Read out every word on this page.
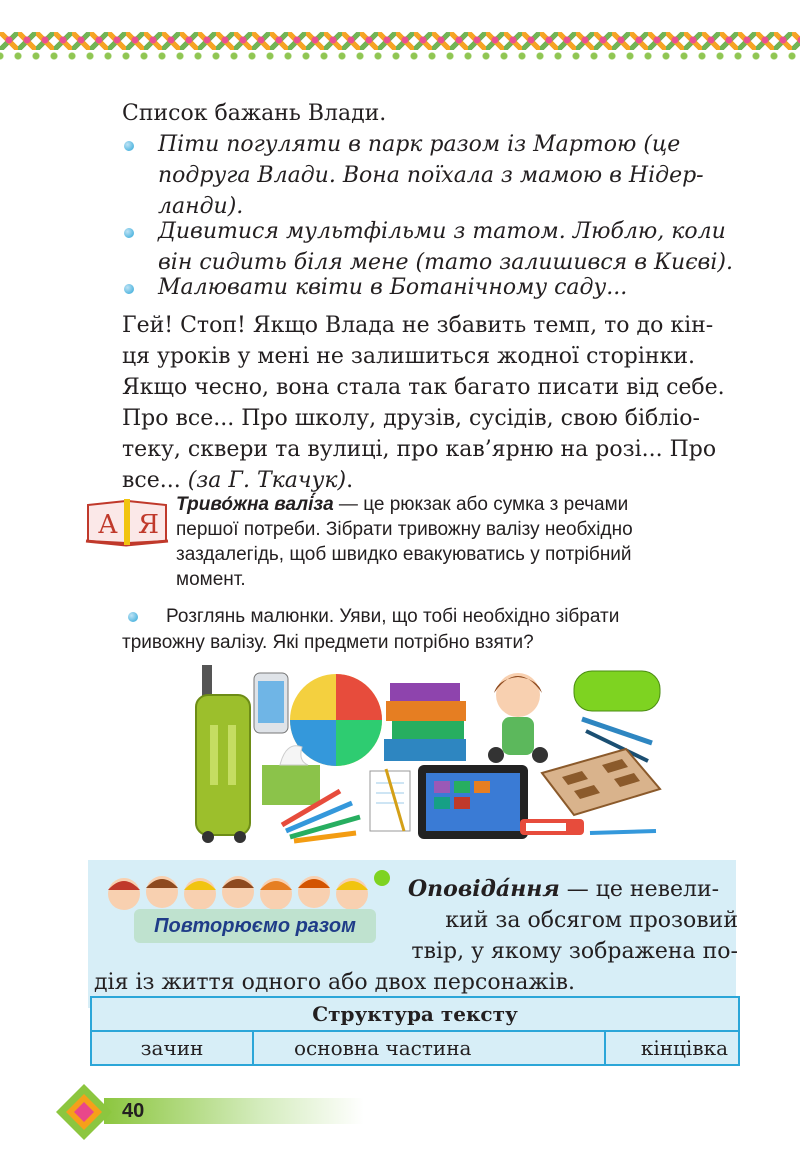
Список бажань Влади.
Піти погуляти в парк разом із Мартою (це
подруга Влади. Вона поїхала з мамою в Нідер-
ланди).
Дивитися мультфільми з татом. Люблю, коли
він сидить біля мене (тато залишився в Києві).
Малювати квіти в Ботанічному саду...
Гей! Стоп! Якщо Влада не збавить темп, то до кін-
ця уроків у мені не залишиться жодної сторінки.
Якщо чесно, вона стала так багато писати від себе.
Про все... Про школу, друзів, сусідів, свою бібліо-
теку, сквери та вулиці, про кав’ярню на розі... Про
все... (за Г. Ткачук).
А Я
Триво́жна валі́за — це рюкзак або сумка з речами
першої потреби. Зібрати тривожну валізу необхідно
заздалегідь, щоб швидко евакуюватись у потрібний
момент.
Розглянь малюнки. Уяви, що тобі необхідно зібрати
тривожну валізу. Які предмети потрібно взяти?
Повторюємо разом
Оповіда́ння — це невели-
кий за обсягом прозовий
твір, у якому зображена по-
дія із життя одного або двох персонажів.
Структура тексту
зачин	основна частина	кінцівка
40
